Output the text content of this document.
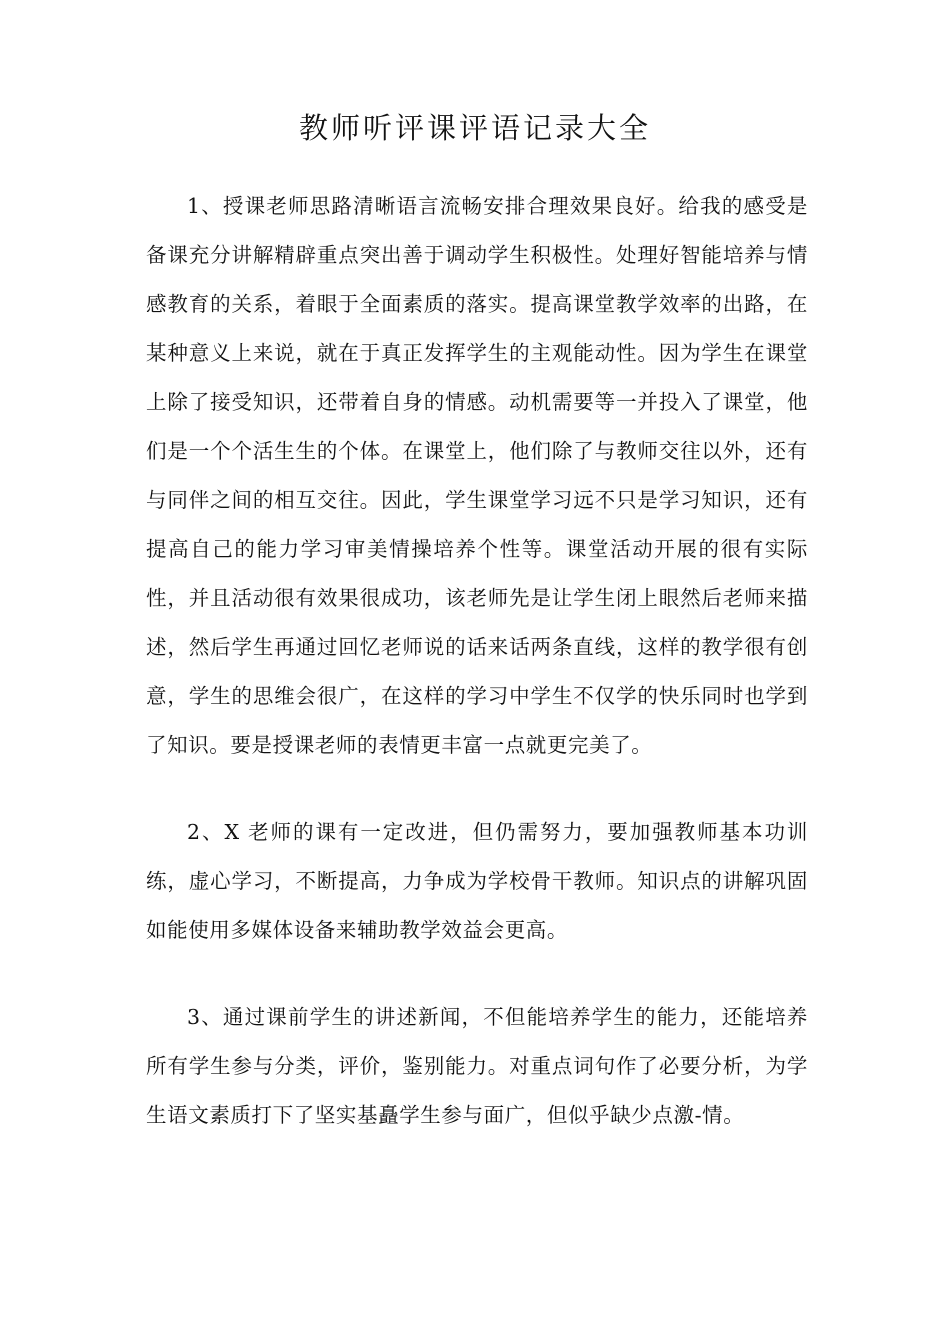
教师听评课评语记录大全

1、授课老师思路清晰语言流畅安排合理效果良好。给我的感受是备课充分讲解精辟重点突出善于调动学生积极性。处理好智能培养与情感教育的关系，着眼于全面素质的落实。提高课堂教学效率的出路，在某种意义上来说，就在于真正发挥学生的主观能动性。因为学生在课堂上除了接受知识，还带着自身的情感。动机需要等一并投入了课堂，他们是一个个活生生的个体。在课堂上，他们除了与教师交往以外，还有与同伴之间的相互交往。因此，学生课堂学习远不只是学习知识，还有提高自己的能力学习审美情操培养个性等。课堂活动开展的很有实际性，并且活动很有效果很成功，该老师先是让学生闭上眼然后老师来描述，然后学生再通过回忆老师说的话来话两条直线，这样的教学很有创意，学生的思维会很广，在这样的学习中学生不仅学的快乐同时也学到了知识。要是授课老师的表情更丰富一点就更完美了。

2、X 老师的课有一定改进，但仍需努力，要加强教师基本功训练，虚心学习，不断提高，力争成为学校骨干教师。知识点的讲解巩固如能使用多媒体设备来辅助教学效益会更高。

3、通过课前学生的讲述新闻，不但能培养学生的能力，还能培养所有学生参与分类，评价，鉴别能力。对重点词句作了必要分析，为学生语文素质打下了坚实基矗学生参与面广，但似乎缺少点激-情。
